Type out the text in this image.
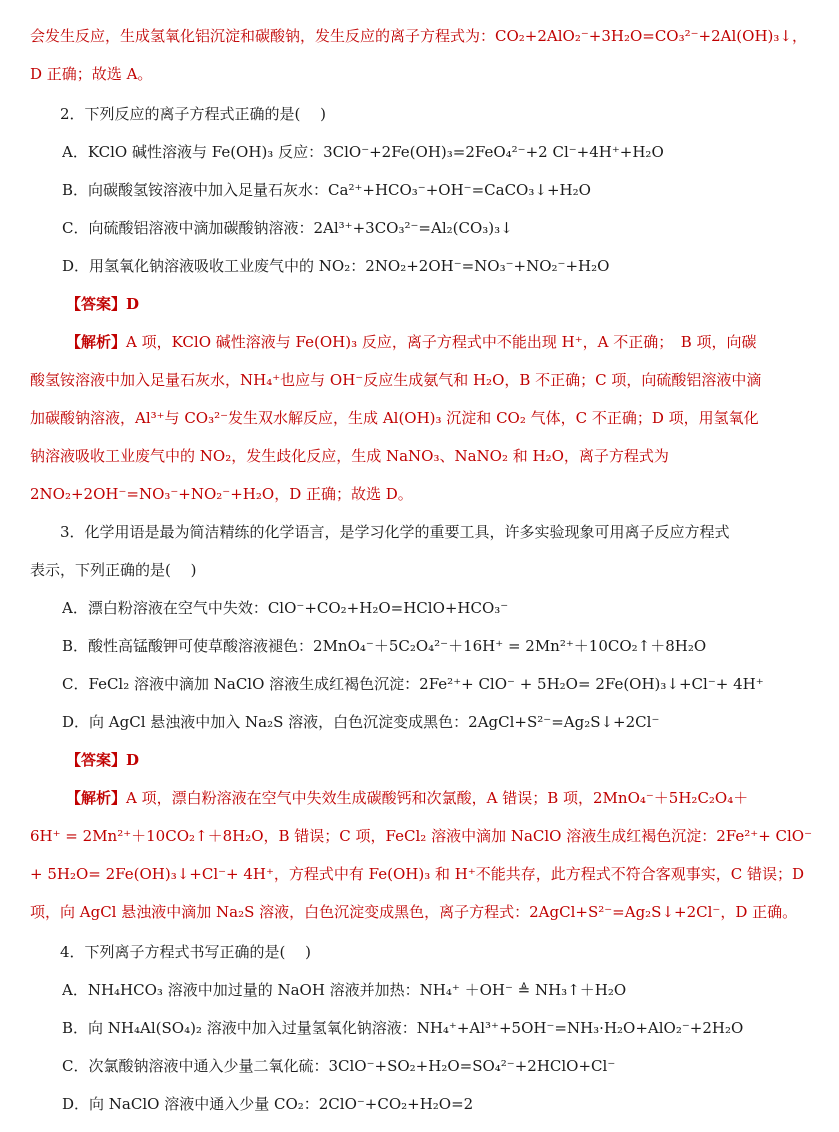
会发生反应，生成氢氧化铝沉淀和碳酸钠，发生反应的离子方程式为：CO₂+2AlO₂⁻+3H₂O=CO₃²⁻+2Al(OH)₃↓，
D 正确；故选 A。
2．下列反应的离子方程式正确的是(　 )
A．KClO 碱性溶液与 Fe(OH)₃ 反应：3ClO⁻+2Fe(OH)₃=2FeO₄²⁻+2 Cl⁻+4H⁺+H₂O
B．向碳酸氢铵溶液中加入足量石灰水：Ca²⁺+HCO₃⁻+OH⁻=CaCO₃↓+H₂O
C．向硫酸铝溶液中滴加碳酸钠溶液：2Al³⁺+3CO₃²⁻=Al₂(CO₃)₃↓
D．用氢氧化钠溶液吸收工业废气中的 NO₂：2NO₂+2OH⁻=NO₃⁻+NO₂⁻+H₂O
【答案】D
【解析】A 项，KClO 碱性溶液与 Fe(OH)₃ 反应，离子方程式中不能出现 H⁺，A 不正确；　B 项，向碳
酸氢铵溶液中加入足量石灰水，NH₄⁺也应与 OH⁻反应生成氨气和 H₂O，B 不正确；C 项，向硫酸铝溶液中滴
加碳酸钠溶液，Al³⁺与 CO₃²⁻发生双水解反应，生成 Al(OH)₃ 沉淀和 CO₂ 气体，C 不正确；D 项，用氢氧化
钠溶液吸收工业废气中的 NO₂，发生歧化反应，生成 NaNO₃、NaNO₂ 和 H₂O，离子方程式为
2NO₂+2OH⁻=NO₃⁻+NO₂⁻+H₂O，D 正确；故选 D。
3．化学用语是最为简洁精练的化学语言，是学习化学的重要工具，许多实验现象可用离子反应方程式
表示，下列正确的是(　 )
A．漂白粉溶液在空气中失效：ClO⁻+CO₂+H₂O=HClO+HCO₃⁻
B．酸性高锰酸钾可使草酸溶液褪色：2MnO₄⁻＋5C₂O₄²⁻＋16H⁺ = 2Mn²⁺＋10CO₂↑＋8H₂O
C．FeCl₂ 溶液中滴加 NaClO 溶液生成红褐色沉淀：2Fe²⁺+ ClO⁻ + 5H₂O= 2Fe(OH)₃↓+Cl⁻+ 4H⁺
D．向 AgCl 悬浊液中加入 Na₂S 溶液，白色沉淀变成黑色：2AgCl+S²⁻=Ag₂S↓+2Cl⁻
【答案】D
【解析】A 项，漂白粉溶液在空气中失效生成碳酸钙和次氯酸，A 错误；B 项，2MnO₄⁻＋5H₂C₂O₄＋
6H⁺ = 2Mn²⁺＋10CO₂↑＋8H₂O，B 错误；C 项，FeCl₂ 溶液中滴加 NaClO 溶液生成红褐色沉淀：2Fe²⁺+ ClO⁻
+ 5H₂O= 2Fe(OH)₃↓+Cl⁻+ 4H⁺，方程式中有 Fe(OH)₃ 和 H⁺不能共存，此方程式不符合客观事实，C 错误；D
项，向 AgCl 悬浊液中滴加 Na₂S 溶液，白色沉淀变成黑色，离子方程式：2AgCl+S²⁻=Ag₂S↓+2Cl⁻，D 正确。
4．下列离子方程式书写正确的是(　 )
A．NH₄HCO₃ 溶液中加过量的 NaOH 溶液并加热：NH₄⁺ ＋OH⁻ ≜ NH₃↑＋H₂O
B．向 NH₄Al(SO₄)₂ 溶液中加入过量氢氧化钠溶液：NH₄⁺+Al³⁺+5OH⁻=NH₃·H₂O+AlO₂⁻+2H₂O
C．次氯酸钠溶液中通入少量二氧化硫：3ClO⁻+SO₂+H₂O=SO₄²⁻+2HClO+Cl⁻
D．向 NaClO 溶液中通入少量 CO₂：2ClO⁻+CO₂+H₂O=2
